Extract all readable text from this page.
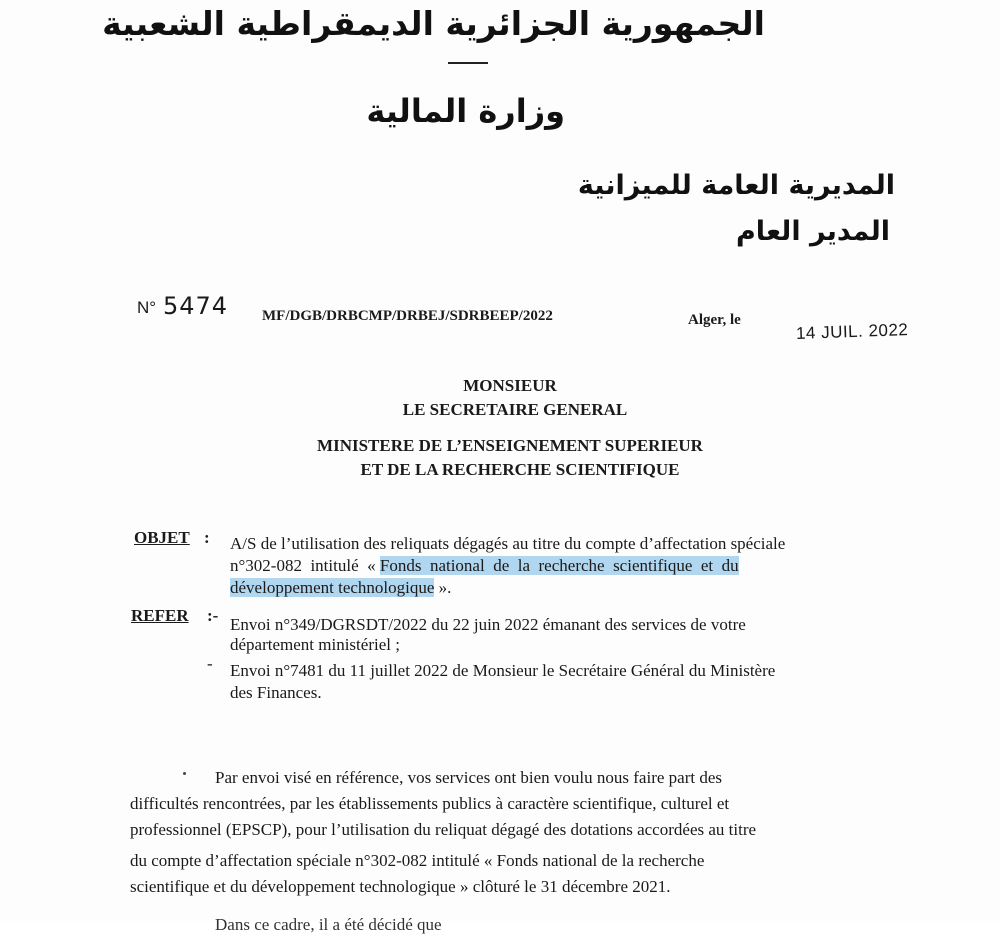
الجمهورية الجزائرية الديمقراطية الشعبية
وزارة المالية
المديرية العامة للميزانية
المدير العام
N° 5474 MF/DGB/DRBCMP/DRBEJ/SDRBEEP/2022	Alger, le
14 JUIL. 2022
MONSIEUR
LE SECRETAIRE GENERAL
MINISTERE DE L’ENSEIGNEMENT SUPERIEUR
ET DE LA RECHERCHE SCIENTIFIQUE
OBJET : A/S de l’utilisation des reliquats dégagés au titre du compte d’affectation spéciale
n°302-082  intitulé  « Fonds  national  de  la  recherche  scientifique  et  du
développement technologique ».
REFER :- Envoi n°349/DGRSDT/2022 du 22 juin 2022 émanant des services de votre
département ministériel ;
- Envoi n°7481 du 11 juillet 2022 de Monsieur le Secrétaire Général du Ministère
des Finances.
Par envoi visé en référence, vos services ont bien voulu nous faire part des
difficultés rencontrées, par les établissements publics à caractère scientifique, culturel et
professionnel (EPSCP), pour l’utilisation du reliquat dégagé des dotations accordées au titre
du compte d’affectation spéciale n°302-082 intitulé « Fonds national de la recherche
scientifique et du développement technologique » clôturé le 31 décembre 2021.
Dans ce cadre, il a été décidé que
